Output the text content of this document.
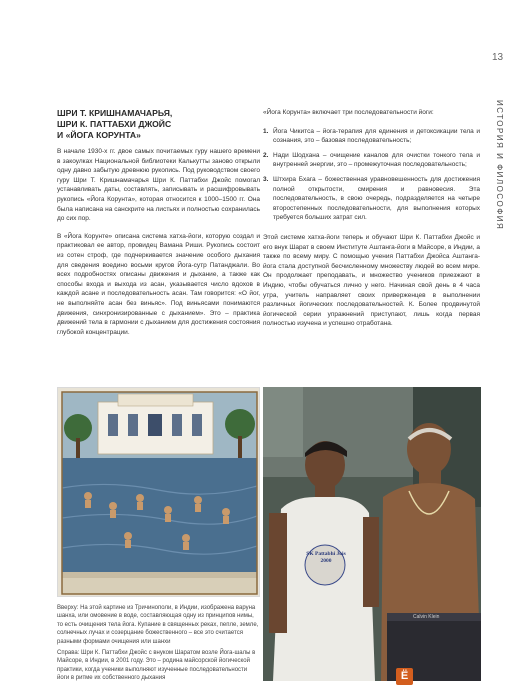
13
ИСТОРИЯ И ФИЛОСОФИЯ
ШРИ Т. КРИШНАМАЧАРЬЯ,
ШРИ К. ПАТТАБХИ ДЖОЙС
И «ЙОГА КОРУНТА»

В начале 1930-х гг. двое самых почитаемых гуру нашего времени в закоулках Национальной библиотеки Калькутты заново открыли одну давно забытую древнюю рукопись. Под руководством своего гуру Шри Т. Кришнамачарья Шри К. Паттабхи Джойс помогал устанавливать даты, составлять, записывать и расшифровывать рукопись «Йога Корунта», которая относится к 1000–1500 гг. Она была написана на санскрите на листьях и полностью сохранилась до сих пор.

В «Йога Корунте» описана система хатха-йоги, которую создал и практиковал ее автор, провидец Вамана Риши. Рукопись состоит из сотен строф, где подчеркивается значение особого дыхания для сведения воедино восьми кругов Йога-сутр Патанджали. Во всех подробностях описаны движения и дыхание, а также как способы входа и выхода из асан, указывается число вдохов в каждой асане и последовательность асан. Там говорится: «О йог, не выполняйте асан без виньяс». Под виньясами понимаются движения, синхронизированные с дыханием». Это – практика движений тела в гармонии с дыханием для достижения состояния глубокой концентрации.

«Йога Корунта» включает три последовательности йоги:

1. Йога Чикитса – йога-терапия для единения и детоксикации тела и сознания, это – базовая последовательность;
2. Нади Шодхана – очищение каналов для очистки тонкого тела и внутренней энергии, это – промежуточная последовательность;
3. Штхира Бхага – божественная уравновешенность для достижения полной открытости, смирения и равновесия. Эта последовательность, в свою очередь, подразделяется на четыре второстепенных последовательности, для выполнения которых требуется больших затрат сил.

Этой системе хатха-йоги теперь и обучают Шри К. Паттабхи Джойс и его внук Шарат в своем Институте Аштанга-йоги в Майсоре, в Индии, а также по всему миру. С помощью учения Паттабхи Джойса Аштанга-йога стала доступной бесчисленному множеству людей во всем мире. Он продолжает преподавать, и множество учеников приезжают в Индию, чтобы обучаться лично у него. Начиная свой день в 4 часа утра, учитель направляет своих приверженцев в выполнении различных йогических последовательностей. К. Более продвинутой йогической серии упражнений приступают, лишь когда первая полностью изучена и успешно отработана.

SK Pattabhi Jois
2000
Calvin Klein

Вверху: На этой картине из Тричинополи, в Индии, изображена вaруна шанха, или омовение в воде, составляющая одну из принципов нимы, то есть очищения тела йога. Купание в священных реках, пепле, земле, солнечных лучах и созерцание божественного – все это считается разными формами очищения или шанхи

Справа: Шри К. Паттабхи Джойс с внуком Шаратом возле Йога-шалы в Майсоре, в Индии, в 2001 году. Это – родина майсорской йогической практики, когда ученики выполняют изученные последовательности йоги в ритме их собственного дыхания	Ё
